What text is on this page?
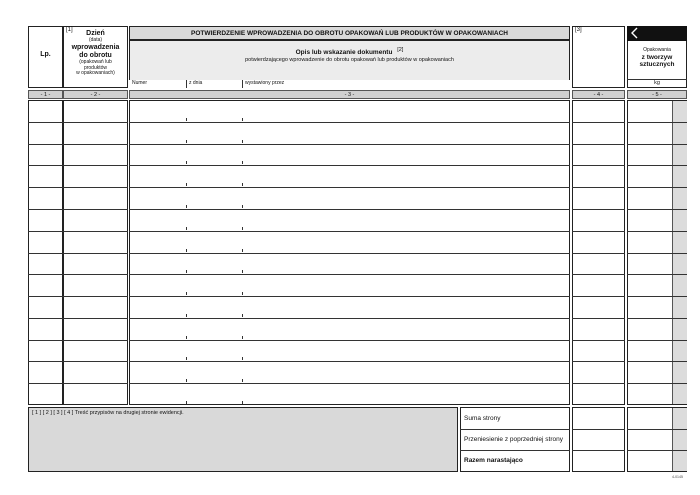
Lp.
[1]	Dzień
(data)
wprowadzenia
do obrotu
(opakowań lub
produktów
w opakowaniach)
POTWIERDZENIE WPROWADZENIA DO OBROTU OPAKOWAŃ LUB PRODUKTÓW W OPAKOWANIACH
Opis lub wskazanie dokumentu [2]
potwierdzającego wprowadzenie do obrotu opakowań lub produktów w opakowaniach
Numer	z dnia	wystawiony przez
[3]
Opakowania
z tworzyw
sztucznych
kg
- 1 -	- 2 -	- 3 -	- 4 -	- 5 -
[ 1 ] [ 2 ] [ 3 ] [ 4 ] Treść przypisów na drugiej stronie ewidencji.
Suma strony
Przeniesienie z poprzedniej strony
Razem narastająco
4-0145
